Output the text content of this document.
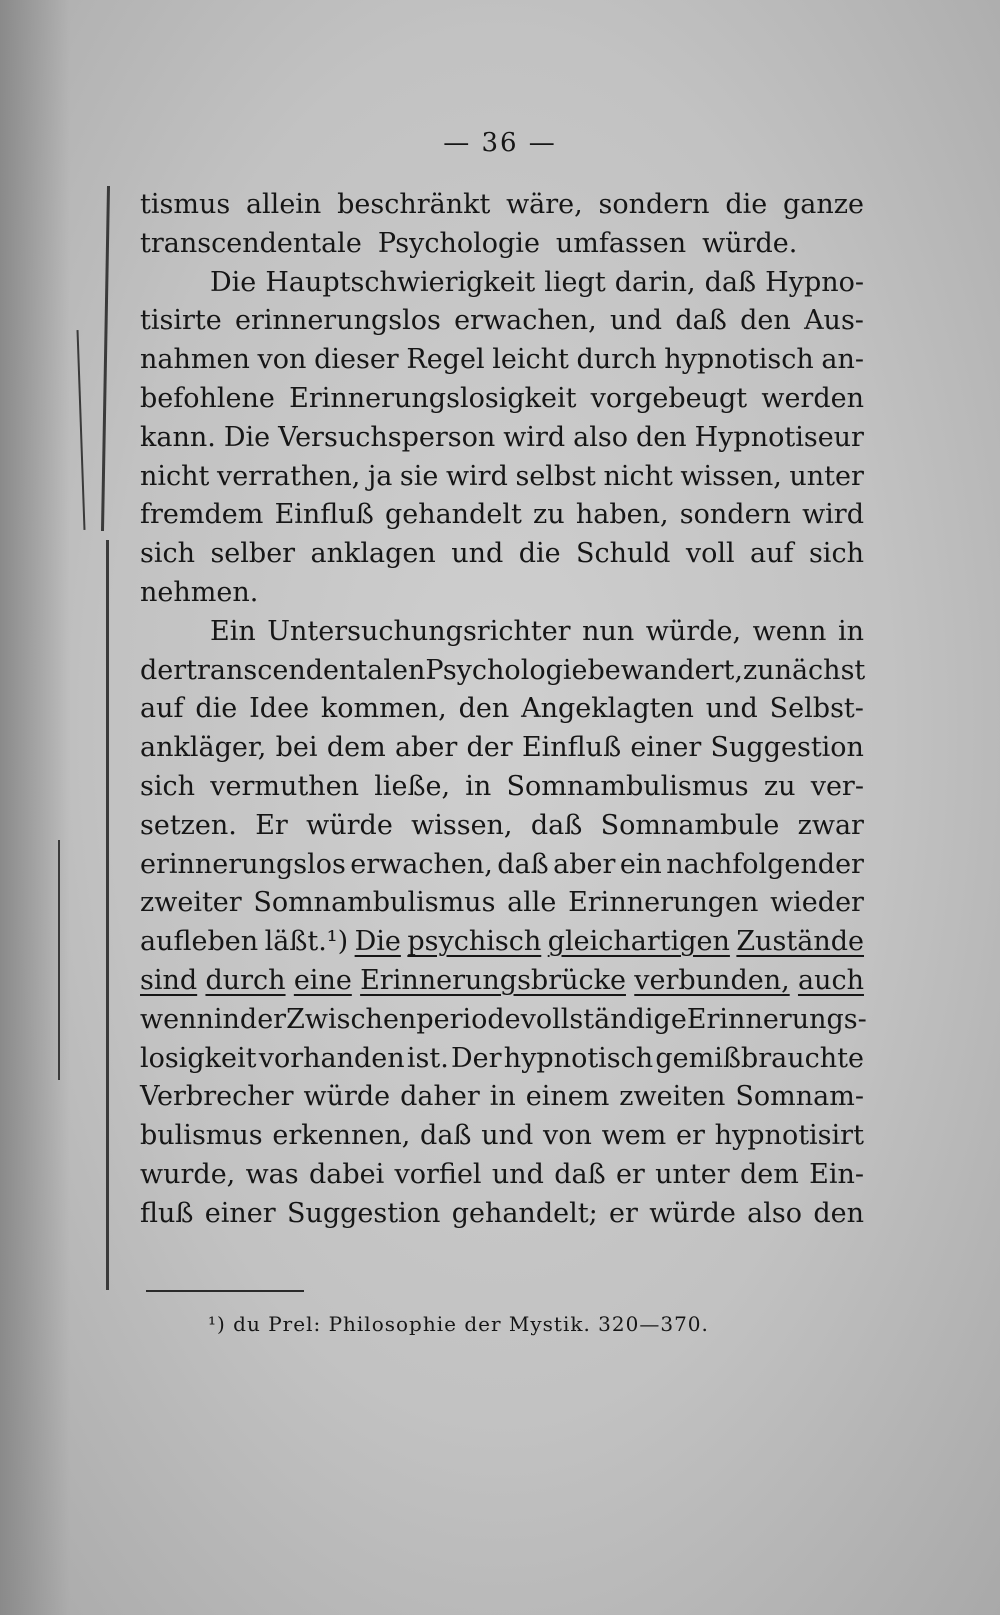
— 36 —
tismus allein beschränkt wäre, sondern die ganze
transcendentale Psychologie umfassen würde.
Die Hauptschwierigkeit liegt darin, daß Hypno-
tisirte erinnerungslos erwachen, und daß den Aus-
nahmen von dieser Regel leicht durch hypnotisch an-
befohlene Erinnerungslosigkeit vorgebeugt werden
kann. Die Versuchsperson wird also den Hypnotiseur
nicht verrathen, ja sie wird selbst nicht wissen, unter
fremdem Einfluß gehandelt zu haben, sondern wird
sich selber anklagen und die Schuld voll auf sich
nehmen.
Ein Untersuchungsrichter nun würde, wenn in
der transcendentalen Psychologie bewandert, zunächst
auf die Idee kommen, den Angeklagten und Selbst-
ankläger, bei dem aber der Einfluß einer Suggestion
sich vermuthen ließe, in Somnambulismus zu ver-
setzen. Er würde wissen, daß Somnambule zwar
erinnerungslos erwachen, daß aber ein nachfolgender
zweiter Somnambulismus alle Erinnerungen wieder
aufleben läßt.¹) Die psychisch gleichartigen Zustände
sind durch eine Erinnerungsbrücke verbunden, auch
wenn in der Zwischenperiode vollständige Erinnerungs-
losigkeit vorhanden ist. Der hypnotisch gemißbrauchte
Verbrecher würde daher in einem zweiten Somnam-
bulismus erkennen, daß und von wem er hypnotisirt
wurde, was dabei vorfiel und daß er unter dem Ein-
fluß einer Suggestion gehandelt; er würde also den
¹) du Prel: Philosophie der Mystik. 320—370.
